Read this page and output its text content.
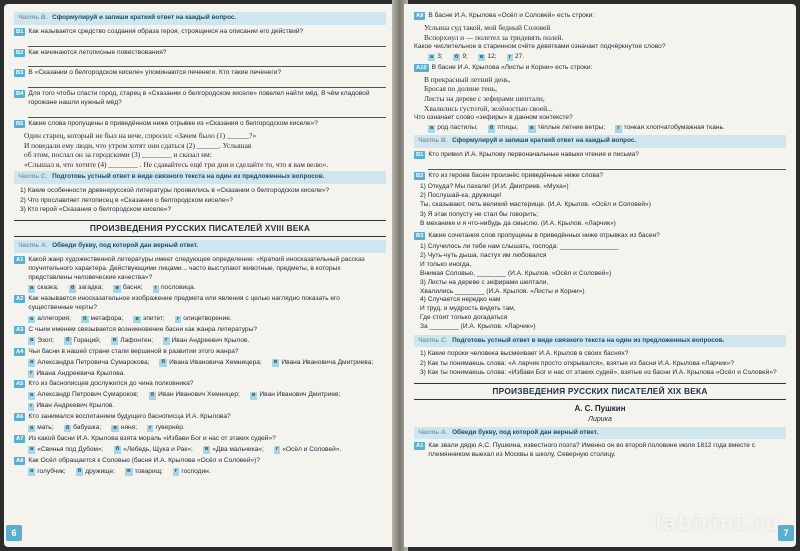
Часть B. Сформулируй и запиши краткий ответ на каждый вопрос.
B1 Как называется средство создания образа героя, строящееся на описании его действий?
B2 Как начинаются летописные повествования?
B3 В «Сказании о белгородском киселе» упоминаются печенеги. Кто такие печенеги?
B4 Для того чтобы спасти город, старец в «Сказании о белгородском киселе» повелел найти мёд. В чём кладовой горожане нашли нужный мёд?
B5 Какие слова пропущены в приведённом ниже отрывке из «Сказания о белгородском киселе»?
Один старец, который не был на вече, спросил: «Зачем было (1) ______?»
И поведали ему люди, что утром хотят они сдаться (2) ______. Услышав
об этом, послал он за городскими (3) ________ и сказал им:
«Слышал я, что хотите (4) ________ . Не сдавайтесь ещё три дня и сделайте то, что я вам велю».
Часть C. Подготовь устный ответ в виде связного текста на один из предложенных вопросов.
1) Какие особенности древнерусской литературы проявились в «Сказании о белгородском киселе»?
2) Что прославляет летописец в «Сказании о белгородском киселе»?
3) Кто герой «Сказания о белгородском киселе»?
ПРОИЗВЕДЕНИЯ РУССКИХ ПИСАТЕЛЕЙ XVIII ВЕКА
Часть A. Обведи букву, под которой дан верный ответ.
A1 Какой жанр художественной литературы имеет следующее определение: «Краткий иносказательный рассказ поучительного характера. Действующими лицами... часто выступают животные, предметы, в которых представлены человеческие качества»?
а сказка;	б загадка;	в басня;	г пословица.
A2 Как называется иносказательное изображение предмета или явления с целью наглядно показать его существенные черты?
а аллегория;	б метафора;	в эпитет;	г олицетворение.
A3 С чьим именем связывается возникновение басни как жанра литературы?
а Эзоп;	б Гораций;	в Лафонтен;	г Иван Андреевич Крылов.
A4 Чьи басни в нашей стране стали вершиной в развитии этого жанра?
а Александра Петровича Сумарокова;	б Ивана Ивановича Хемницера;	в Ивана Ивановича Дмитриева;
г Ивана Андреевича Крылова.
A5 Кто из баснописцев дослужился до чина полковника?
а Александр Петрович Сумароков;	б Иван Иванович Хемницер;	в Иван Иванович Дмитриев;
г Иван Андреевич Крылов.
A6 Кто занимался воспитанием будущего баснописца И.А. Крылова?
а мать;	б бабушка;	в няня;	г гувернёр.
A7 Из какой басни И.А. Крылова взята мораль «Избави Бог и нас от этаких судей»?
а «Свинья под Дубом»;	б «Лебедь, Щука и Рак»;	в «Два мальчика»;	г «Осёл и Соловей».
A8 Как Осёл обращается к Соловью (басня И.А. Крылова «Осёл и Соловей»)?
а голубчик;	б дружище;	в товарищ;	г господин.
6
A9 В басне И.А. Крылова «Осёл и Соловей» есть строки:
Услыша суд такой, мой бедный Соловей
Вспорхнул и — полетел за тридевять полей.
Какое числительное в старинном счёте девятками означает подчёркнутое слово?
а 3;	б 9;	в 12;	г 27.
A10 В басне И.А. Крылова «Листы и Корни» есть строки:
В прекрасный летний день,
Бросая по долине тень,
Листы на дереве с зефирами шептали,
Хвалились густотой, зелёностью своей...
Что означает слово «зефиры» в данном контексте?
а род пастилы;	б птицы;	в тёплые летние ветры;	г тонкая хлопчатобумажная ткань.
Часть B. Сформулируй и запиши краткий ответ на каждый вопрос.
B1 Кто привил И.А. Крылову первоначальные навыки чтения и письма?
B2 Кто из героев басен произнёс приведённые ниже слова?
1) Откуда? Мы пахали! (И.И. Дмитриев. «Муха»)
2) Послушай-ка, дружище!
Ты, сказывают, петь великий мастерище. (И.А. Крылов. «Осёл и Соловей»)
3) Я этак попусту не стал бы говорить;
В механике и я что-нибудь да смыслю. (И.А. Крылов. «Ларчик»)
B3 Какие сочетания слов пропущены в приведённых ниже отрывках из басен?
1) Случилось ли тебе нам слышать, господа: ________________
2) Чуть-чуть дыша, пастух им любовался
И только иногда,
Внимая Соловью, ________ (И.А. Крылов. «Осёл и Соловей»)
3) Листы на дереве с зефирами шептали,
Хвалились ________ (И.А. Крылов. «Листы и Корни»)
4) Случается нередко нам
И труд, и мудрость видеть там,
Где стоит только догадаться
За ________ (И.А. Крылов. «Ларчик»)
Часть C. Подготовь устный ответ в виде связного текста на один из предложенных вопросов.
1) Какие пороки человека высмеивает И.А. Крылов в своих баснях?
2) Как ты понимаешь слова: «А ларчик просто открывался», взятые из басни И.А. Крылова «Ларчик»?
3) Как ты понимаешь слова: «Избави Бог и нас от этаких судей», взятые из басни И.А. Крылова «Осёл и Соловей»?
ПРОИЗВЕДЕНИЯ РУССКИХ ПИСАТЕЛЕЙ XIX ВЕКА
А. С. Пушкин
Лирика
Часть A. Обведи букву, под которой дан верный ответ.
A1 Как звали дядю А.С. Пушкина, известного поэта? Именно он во второй половине июля 1812 года вместе с племянником выехал из Москвы в школу, Северную столицу.
7
labirint.ru
